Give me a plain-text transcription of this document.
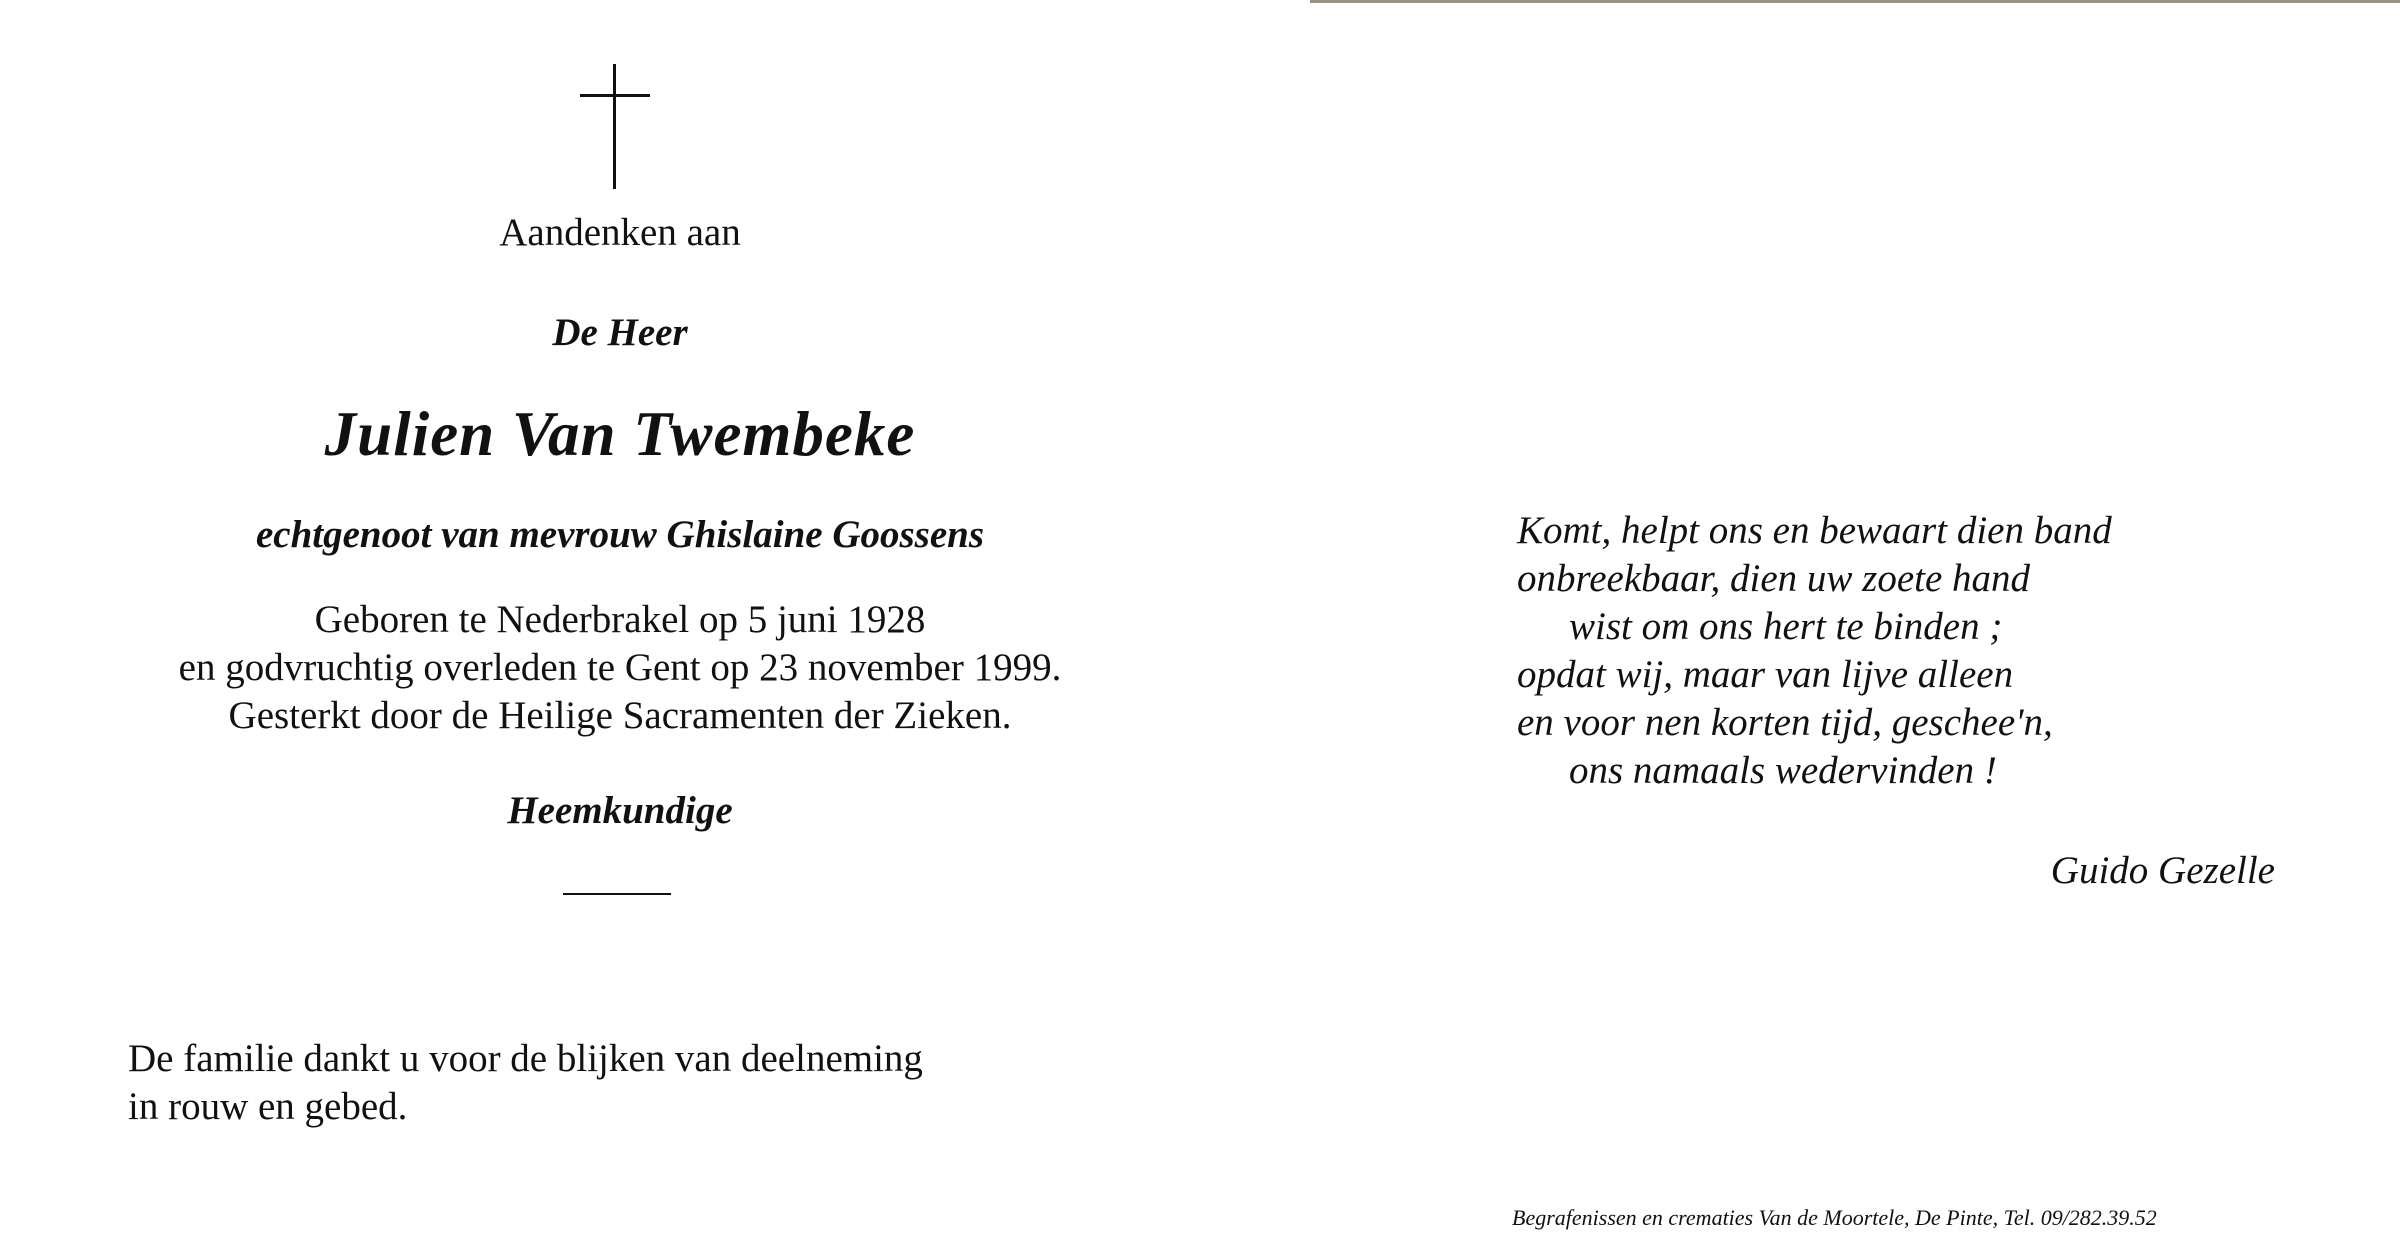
Aandenken aan
De Heer
Julien Van Twembeke
echtgenoot van mevrouw Ghislaine Goossens
Geboren te Nederbrakel op 5 juni 1928
en godvruchtig overleden te Gent op 23 november 1999.
Gesterkt door de Heilige Sacramenten der Zieken.
Heemkundige
De familie dankt u voor de blijken van deelneming
in rouw en gebed.
Komt, helpt ons en bewaart dien band
onbreekbaar, dien uw zoete hand
wist om ons hert te binden ;
opdat wij, maar van lijve alleen
en voor nen korten tijd, geschee'n,
ons namaals wedervinden !
Guido Gezelle
Begrafenissen en crematies Van de Moortele, De Pinte, Tel. 09/282.39.52
